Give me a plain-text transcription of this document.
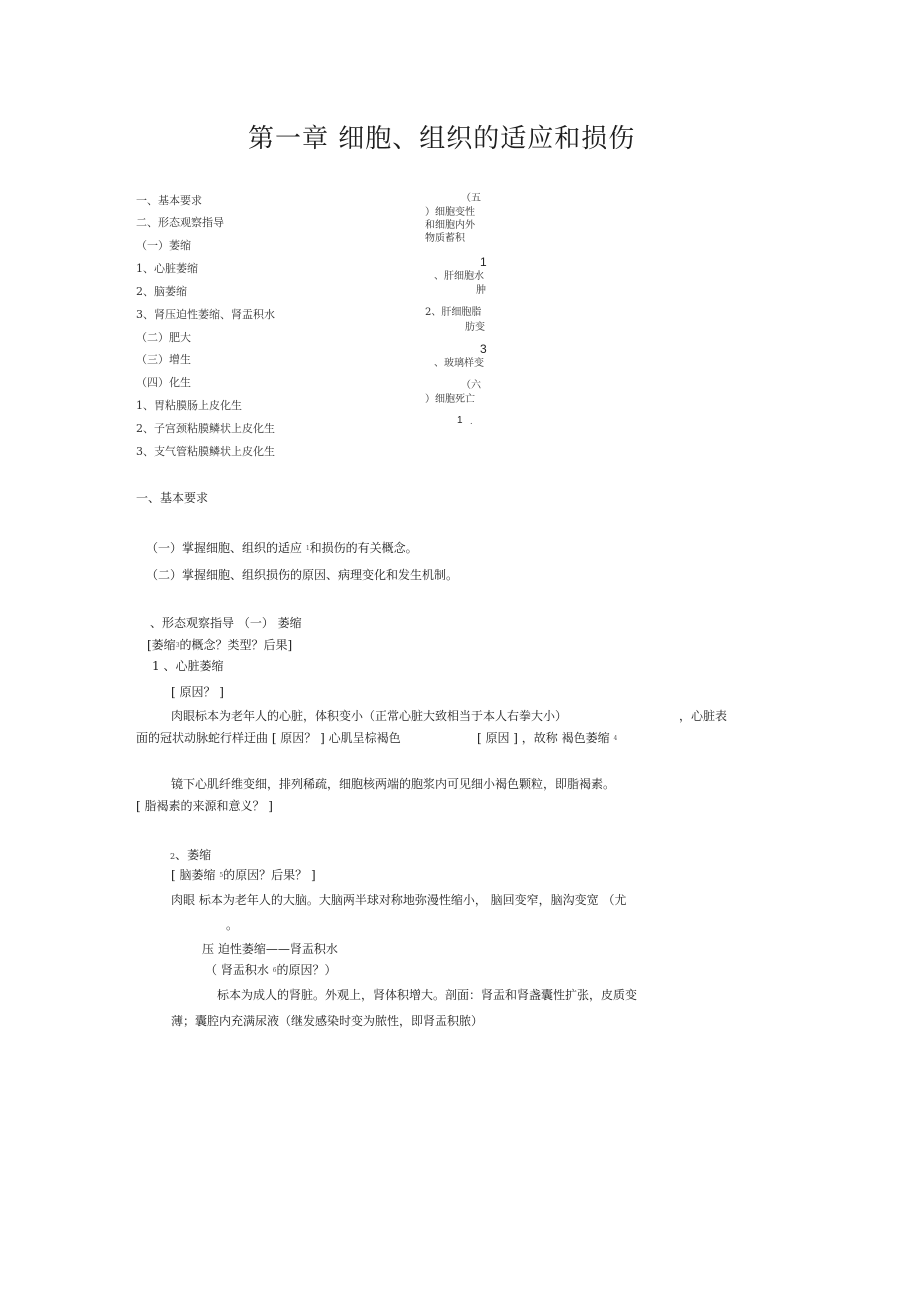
第一章 细胞、组织的适应和损伤
一、基本要求
二、形态观察指导
（一）萎缩
1、心脏萎缩
2、脑萎缩
3、肾压迫性萎缩、肾盂积水
（二）肥大
（三）增生
（四）化生
1、胃粘膜肠上皮化生
2、子宫颈粘膜鳞状上皮化生
3、支气管粘膜鳞状上皮化生
（五
）细胞变性
和细胞内外
物质蓄积
1
、肝细胞水
肿
2、肝细胞脂
肪变
3
、玻璃样变
（六
）细胞死亡
1 .
一、基本要求
（一）掌握细胞、组织的适应 1和损伤的有关概念。
（二）掌握细胞、组织损伤的原因、病理变化和发生机制。
、形态观察指导 （一） 萎缩
[萎缩3的概念？类型？后果]
1 、心脏萎缩
[ 原因？ ]
肉眼标本为老年人的心脏，体积变小（正常心脏大致相当于本人右拳大小）	，心脏表
面的冠状动脉蛇行样迂曲 [ 原因？ ] 心肌呈棕褐色	[ 原因 ] ，故称 褐色萎缩 4
镜下心肌纤维变细，排列稀疏，细胞核两端的胞浆内可见细小褐色颗粒，即脂褐素。
[ 脂褐素的来源和意义？ ]
2、萎缩
[ 脑萎缩 5的原因？后果？ ]
肉眼 标本为老年人的大脑。大脑两半球对称地弥漫性缩小， 脑回变窄，脑沟变宽 （尤
。
压 迫性萎缩——肾盂积水
（ 肾盂积水 6的原因？）
标本为成人的肾脏。外观上，肾体积增大。剖面：肾盂和肾盏囊性扩张，皮质变
薄；囊腔内充满尿液（继发感染时变为脓性，即肾盂积脓）
